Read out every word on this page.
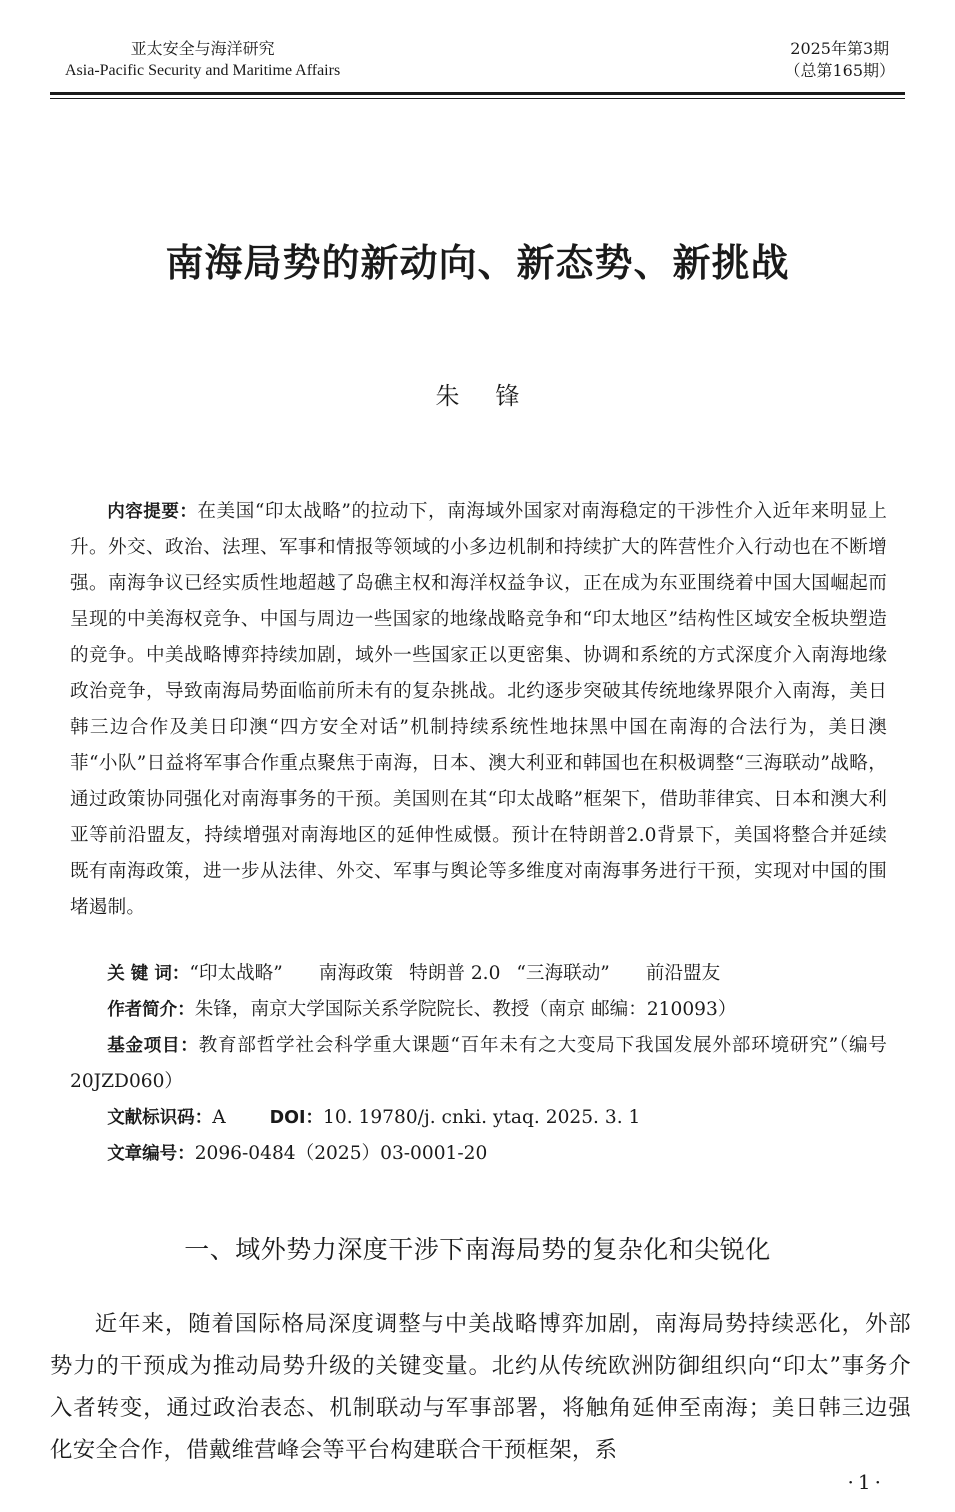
亚太安全与海洋研究
Asia-Pacific Security and Maritime Affairs
2025年第3期
（总第165期）
南海局势的新动向、新态势、新挑战
朱锋
内容提要：在美国“印太战略”的拉动下，南海域外国家对南海稳定的干涉性介入近年来明显上升。外交、政治、法理、军事和情报等领域的小多边机制和持续扩大的阵营性介入行动也在不断增强。南海争议已经实质性地超越了岛礁主权和海洋权益争议，正在成为东亚围绕着中国大国崛起而呈现的中美海权竞争、中国与周边一些国家的地缘战略竞争和“印太地区”结构性区域安全板块塑造的竞争。中美战略博弈持续加剧，域外一些国家正以更密集、协调和系统的方式深度介入南海地缘政治竞争，导致南海局势面临前所未有的复杂挑战。北约逐步突破其传统地缘界限介入南海，美日韩三边合作及美日印澳“四方安全对话”机制持续系统性地抹黑中国在南海的合法行为，美日澳菲“小队”日益将军事合作重点聚焦于南海，日本、澳大利亚和韩国也在积极调整“三海联动”战略，通过政策协同强化对南海事务的干预。美国则在其“印太战略”框架下，借助菲律宾、日本和澳大利亚等前沿盟友，持续增强对南海地区的延伸性威慑。预计在特朗普2.0背景下，美国将整合并延续既有南海政策，进一步从法律、外交、军事与舆论等多维度对南海事务进行干预，实现对中国的围堵遏制。
关 键 词：“印太战略” 南海政策 特朗普 2.0 “三海联动” 前沿盟友
作者简介：朱锋，南京大学国际关系学院院长、教授（南京 邮编：210093）
基金项目：教育部哲学社会科学重大课题“百年未有之大变局下我国发展外部环境研究”（编号 20JZD060）
文献标识码：A	DOI：10. 19780/j. cnki. ytaq. 2025. 3. 1
文章编号：2096-0484（2025）03-0001-20
一、域外势力深度干涉下南海局势的复杂化和尖锐化
近年来，随着国际格局深度调整与中美战略博弈加剧，南海局势持续恶化，外部势力的干预成为推动局势升级的关键变量。北约从传统欧洲防御组织向“印太”事务介入者转变，通过政治表态、机制联动与军事部署，将触角延伸至南海；美日韩三边强化安全合作，借戴维营峰会等平台构建联合干预框架，系
·1·
